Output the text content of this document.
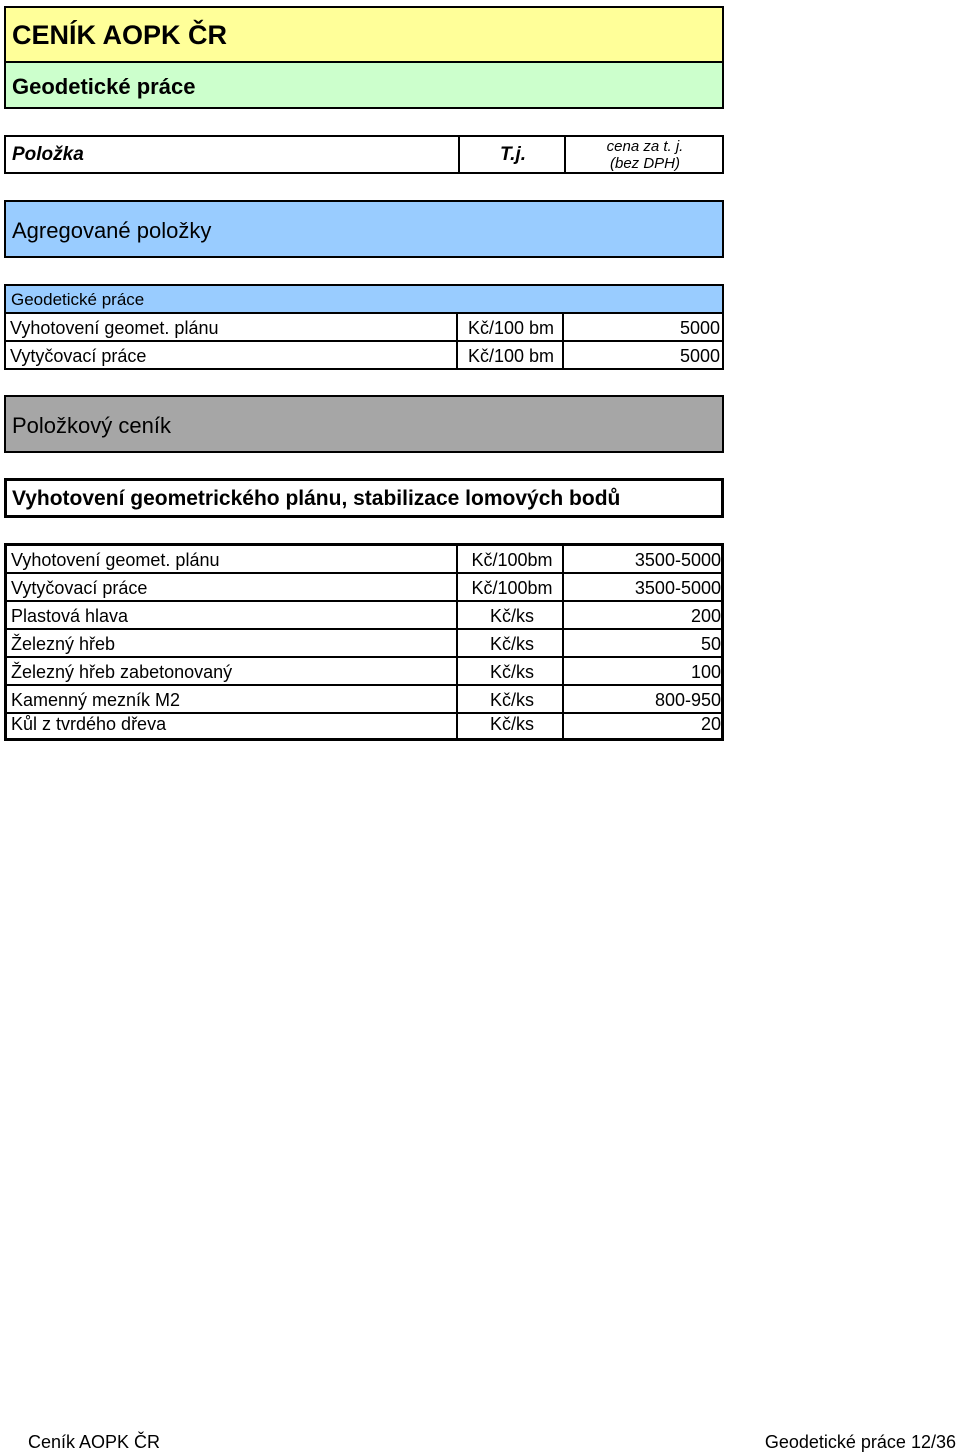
CENÍK AOPK ČR
Geodetické práce
Položka	T.j.	cena za t. j.
(bez DPH)
Agregované položky
Geodetické práce
Vyhotovení geomet. plánu	Kč/100 bm	5000
Vytyčovací práce	Kč/100 bm	5000
Položkový ceník
Vyhotovení geometrického plánu, stabilizace lomových bodů
Vyhotovení geomet. plánu	Kč/100bm	3500-5000
Vytyčovací práce	Kč/100bm	3500-5000
Plastová hlava	Kč/ks	200
Železný hřeb	Kč/ks	50
Železný hřeb zabetonovaný	Kč/ks	100
Kamenný mezník M2	Kč/ks	800-950
Kůl z tvrdého dřeva	Kč/ks	20
Ceník AOPK ČR	Geodetické práce 12/36
